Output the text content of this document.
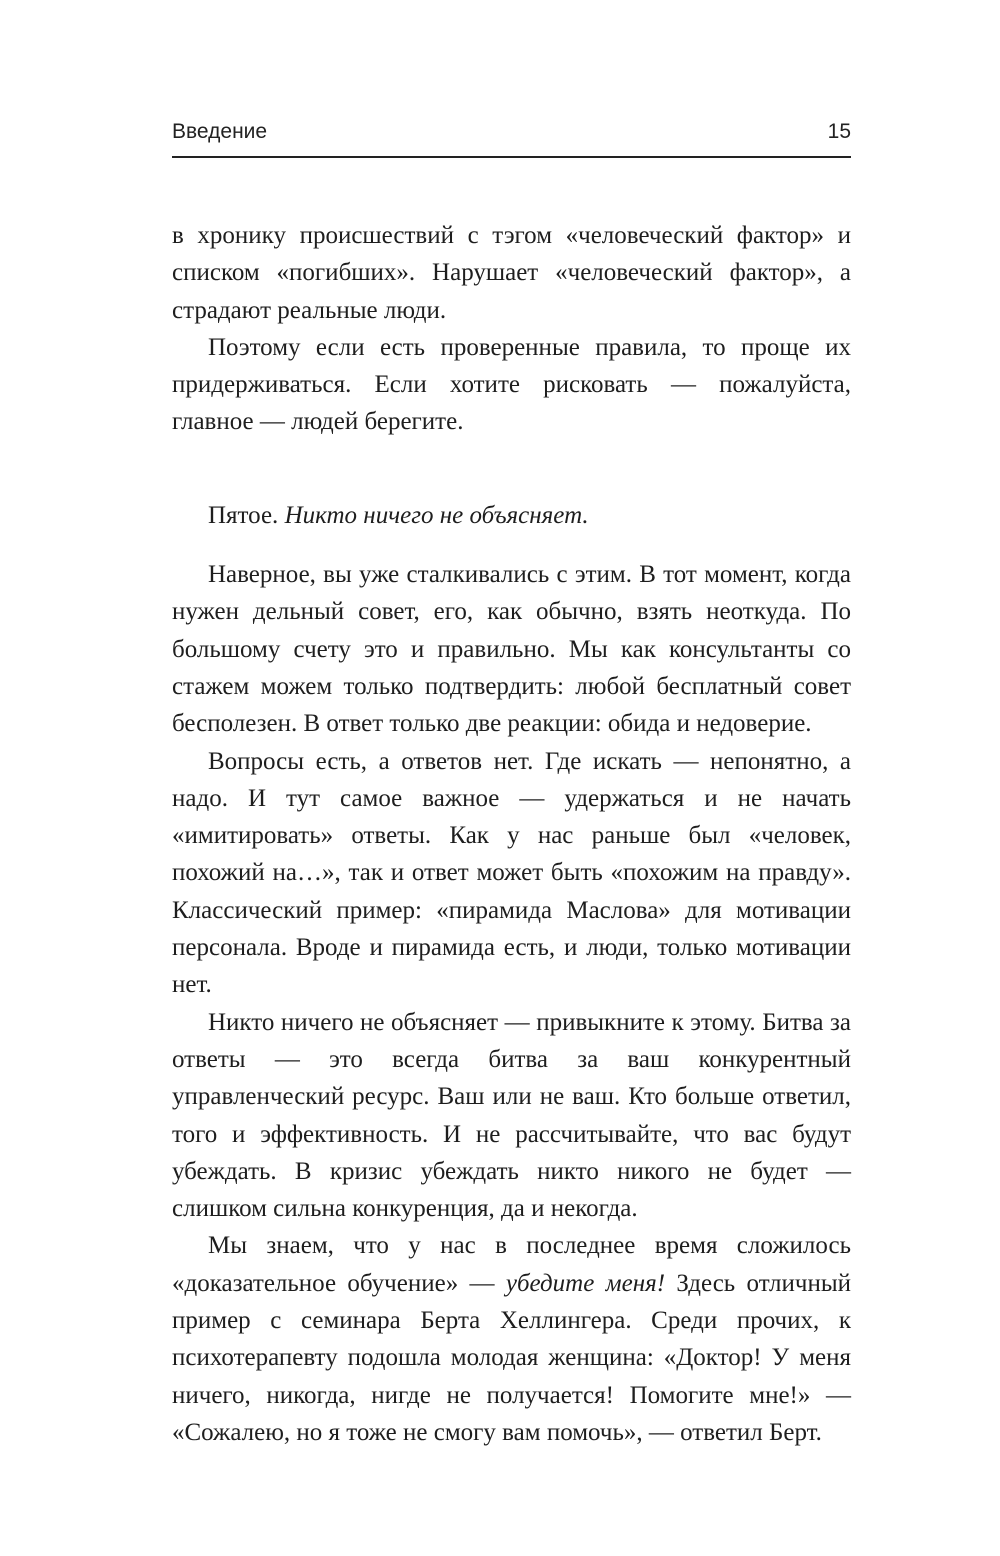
Введение	15

в хронику происшествий с тэгом «человеческий фактор» и списком «погибших». Нарушает «человеческий фактор», а страдают реальные люди.

Поэтому если есть проверенные правила, то проще их придерживаться. Если хотите рисковать — пожалуйста, главное — людей берегите.

Пятое. Никто ничего не объясняет.

Наверное, вы уже сталкивались с этим. В тот момент, когда нужен дельный совет, его, как обычно, взять неоткуда. По большому счету это и правильно. Мы как консультанты со стажем можем только подтвердить: любой бесплатный совет бесполезен. В ответ только две реакции: обида и недоверие.

Вопросы есть, а ответов нет. Где искать — непонятно, а надо. И тут самое важное — удержаться и не начать «имитировать» ответы. Как у нас раньше был «человек, похожий на…», так и ответ может быть «похожим на правду». Классический пример: «пирамида Маслова» для мотивации персонала. Вроде и пирамида есть, и люди, только мотивации нет.

Никто ничего не объясняет — привыкните к этому. Битва за ответы — это всегда битва за ваш конкурентный управленческий ресурс. Ваш или не ваш. Кто больше ответил, того и эффективность. И не рассчитывайте, что вас будут убеждать. В кризис убеждать никто никого не будет — слишком сильна конкуренция, да и некогда.

Мы знаем, что у нас в последнее время сложилось «доказательное обучение» — убедите меня! Здесь отличный пример с семинара Берта Хеллингера. Среди прочих, к психотерапевту подошла молодая женщина: «Доктор! У меня ничего, никогда, нигде не получается! Помогите мне!» — «Сожалею, но я тоже не смогу вам помочь», — ответил Берт.
